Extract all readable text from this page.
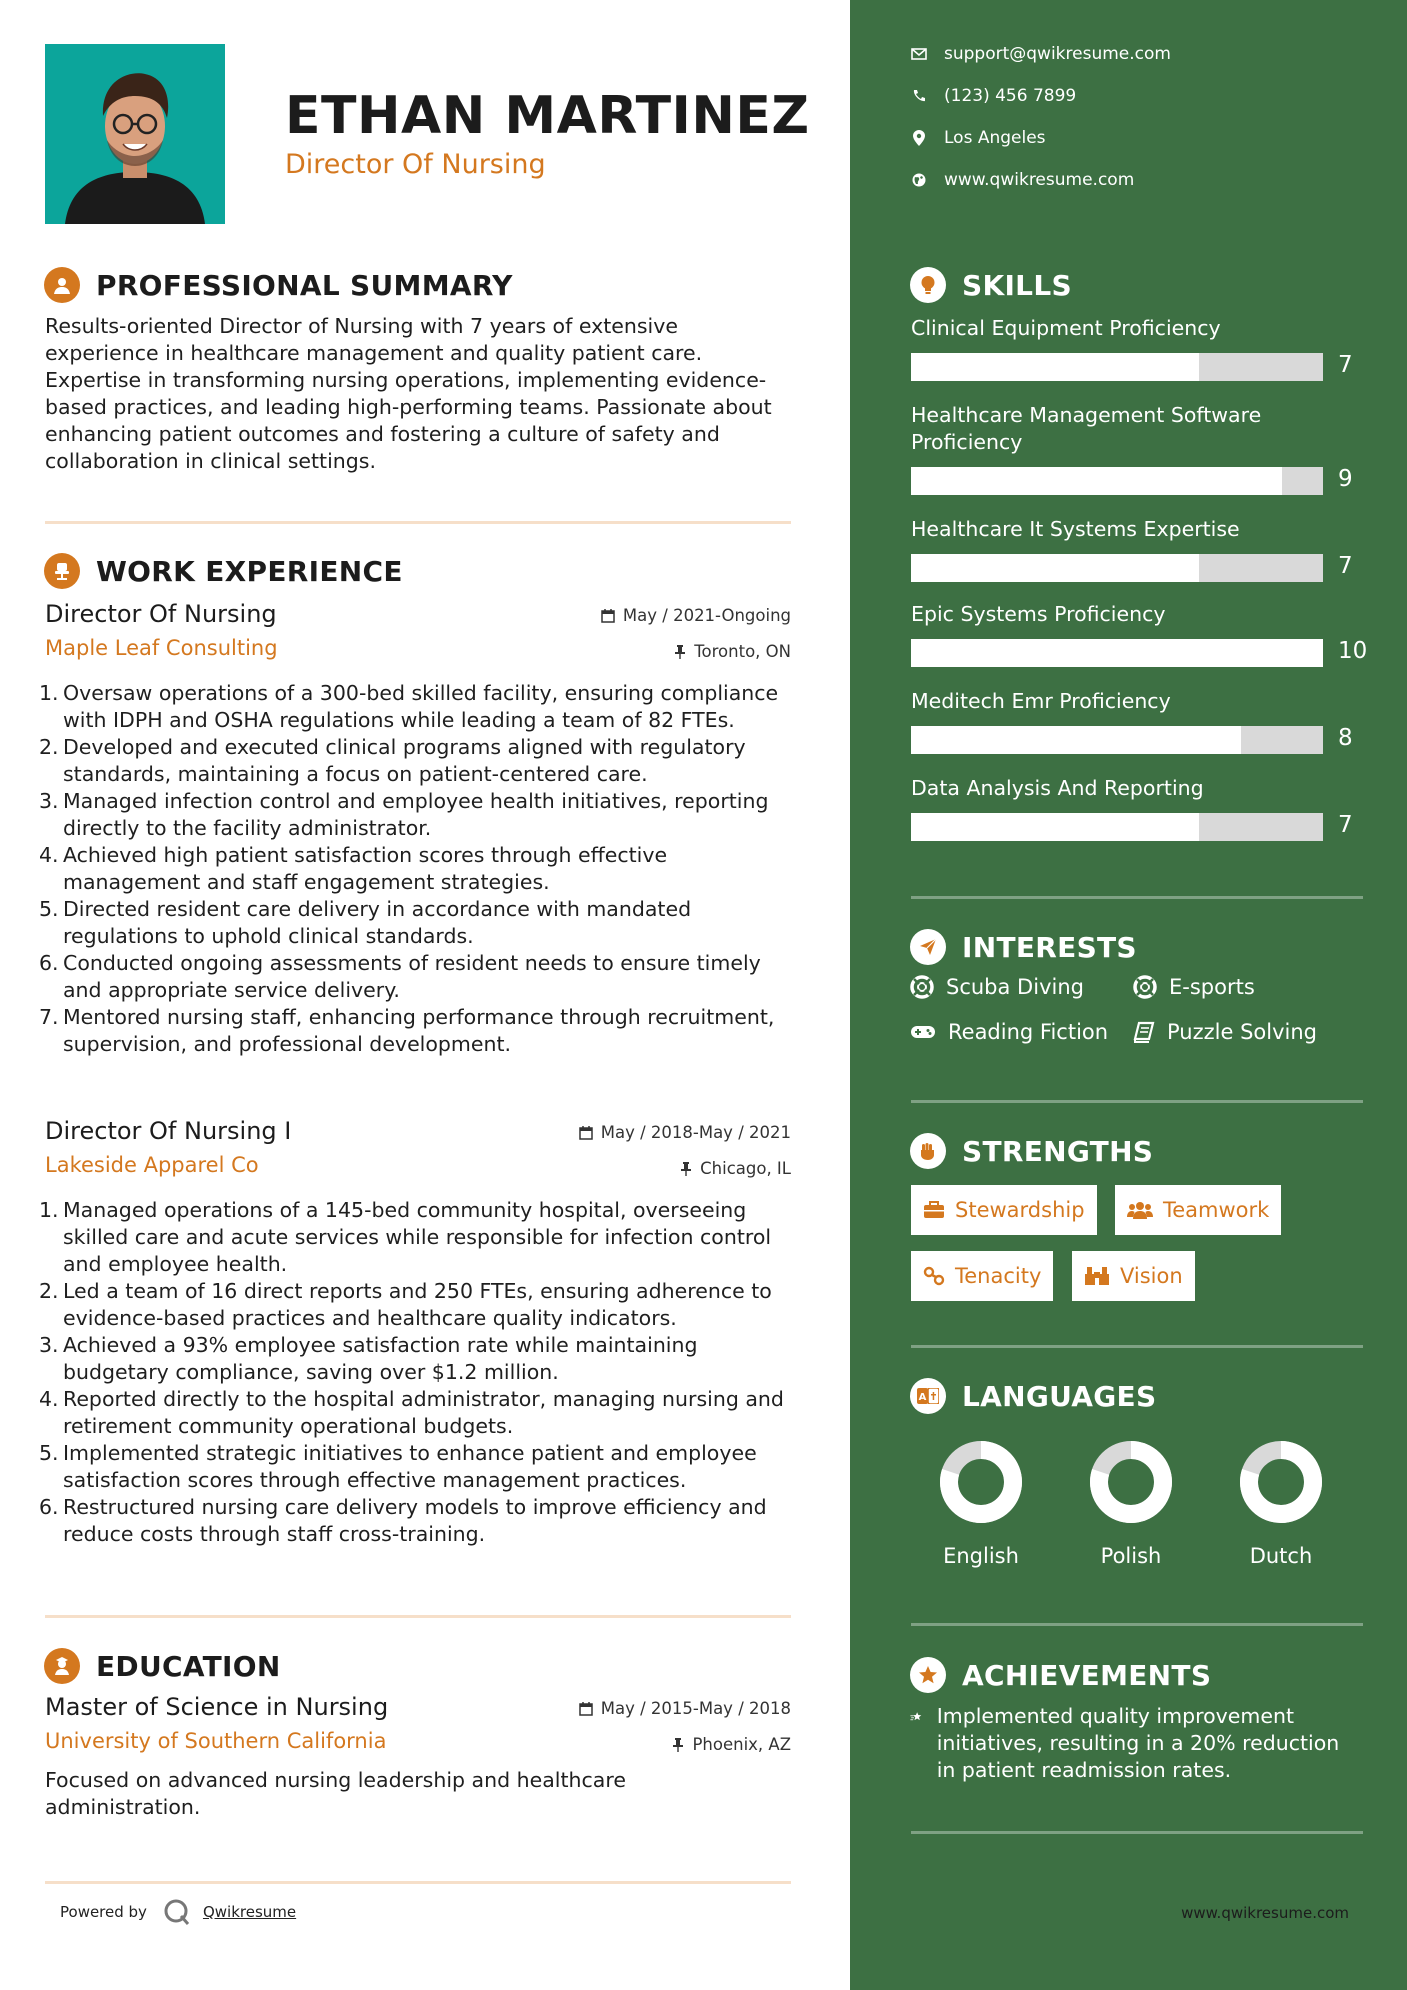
ETHAN MARTINEZ
Director Of Nursing
PROFESSIONAL SUMMARY
Results-oriented Director of Nursing with 7 years of extensive experience in healthcare management and quality patient care. Expertise in transforming nursing operations, implementing evidence-based practices, and leading high-performing teams. Passionate about enhancing patient outcomes and fostering a culture of safety and collaboration in clinical settings.
WORK EXPERIENCE
Director Of Nursing	May / 2021-Ongoing
Maple Leaf Consulting	Toronto, ON
1. Oversaw operations of a 300-bed skilled facility, ensuring compliance with IDPH and OSHA regulations while leading a team of 82 FTEs.
2. Developed and executed clinical programs aligned with regulatory standards, maintaining a focus on patient-centered care.
3. Managed infection control and employee health initiatives, reporting directly to the facility administrator.
4. Achieved high patient satisfaction scores through effective management and staff engagement strategies.
5. Directed resident care delivery in accordance with mandated regulations to uphold clinical standards.
6. Conducted ongoing assessments of resident needs to ensure timely and appropriate service delivery.
7. Mentored nursing staff, enhancing performance through recruitment, supervision, and professional development.
Director Of Nursing I	May / 2018-May / 2021
Lakeside Apparel Co	Chicago, IL
1. Managed operations of a 145-bed community hospital, overseeing skilled care and acute services while responsible for infection control and employee health.
2. Led a team of 16 direct reports and 250 FTEs, ensuring adherence to evidence-based practices and healthcare quality indicators.
3. Achieved a 93% employee satisfaction rate while maintaining budgetary compliance, saving over $1.2 million.
4. Reported directly to the hospital administrator, managing nursing and retirement community operational budgets.
5. Implemented strategic initiatives to enhance patient and employee satisfaction scores through effective management practices.
6. Restructured nursing care delivery models to improve efficiency and reduce costs through staff cross-training.
EDUCATION
Master of Science in Nursing	May / 2015-May / 2018
University of Southern California	Phoenix, AZ
Focused on advanced nursing leadership and healthcare administration.
Powered by	Qwikresume
support@qwikresume.com
(123) 456 7899
Los Angeles
www.qwikresume.com
SKILLS
Clinical Equipment Proficiency
7
Healthcare Management Software Proficiency
9
Healthcare It Systems Expertise
7
Epic Systems Proficiency
10
Meditech Emr Proficiency
8
Data Analysis And Reporting
7
INTERESTS
Scuba Diving	E-sports
Reading Fiction	Puzzle Solving
STRENGTHS
Stewardship	Teamwork
Tenacity	Vision
A LANGUAGES
English	Polish	Dutch
ACHIEVEMENTS
Implemented quality improvement initiatives, resulting in a 20% reduction in patient readmission rates.
www.qwikresume.com
